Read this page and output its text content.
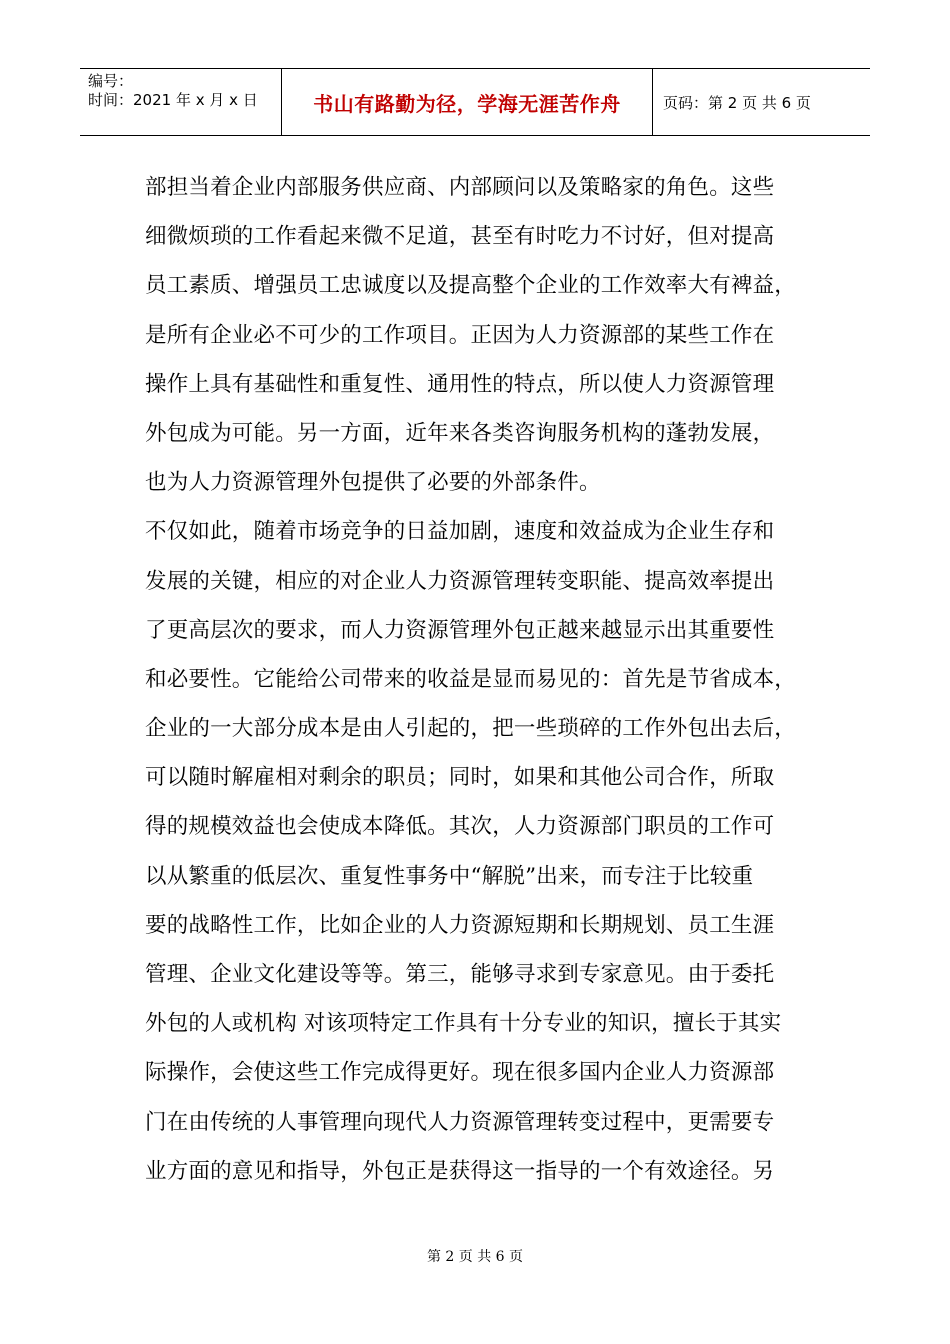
编号：
时间：2021 年 x 月 x 日	书山有路勤为径，学海无涯苦作舟	页码：第 2 页 共 6 页
部担当着企业内部服务供应商、内部顾问以及策略家的角色。这些
细微烦琐的工作看起来微不足道，甚至有时吃力不讨好，但对提高
员工素质、增强员工忠诚度以及提高整个企业的工作效率大有裨益，
是所有企业必不可少的工作项目。正因为人力资源部的某些工作在
操作上具有基础性和重复性、通用性的特点，所以使人力资源管理
外包成为可能。另一方面，近年来各类咨询服务机构的蓬勃发展，
也为人力资源管理外包提供了必要的外部条件。
不仅如此，随着市场竞争的日益加剧，速度和效益成为企业生存和
发展的关键，相应的对企业人力资源管理转变职能、提高效率提出
了更高层次的要求，而人力资源管理外包正越来越显示出其重要性
和必要性。它能给公司带来的收益是显而易见的：首先是节省成本，
企业的一大部分成本是由人引起的，把一些琐碎的工作外包出去后，
可以随时解雇相对剩余的职员；同时，如果和其他公司合作，所取
得的规模效益也会使成本降低。其次，人力资源部门职员的工作可
以从繁重的低层次、重复性事务中“解脱”出来，而专注于比较重
要的战略性工作，比如企业的人力资源短期和长期规划、员工生涯
管理、企业文化建设等等。第三，能够寻求到专家意见。由于委托
外包的人或机构 对该项特定工作具有十分专业的知识，擅长于其实
际操作，会使这些工作完成得更好。现在很多国内企业人力资源部
门在由传统的人事管理向现代人力资源管理转变过程中，更需要专
业方面的意见和指导，外包正是获得这一指导的一个有效途径。另
第 2 页 共 6 页
